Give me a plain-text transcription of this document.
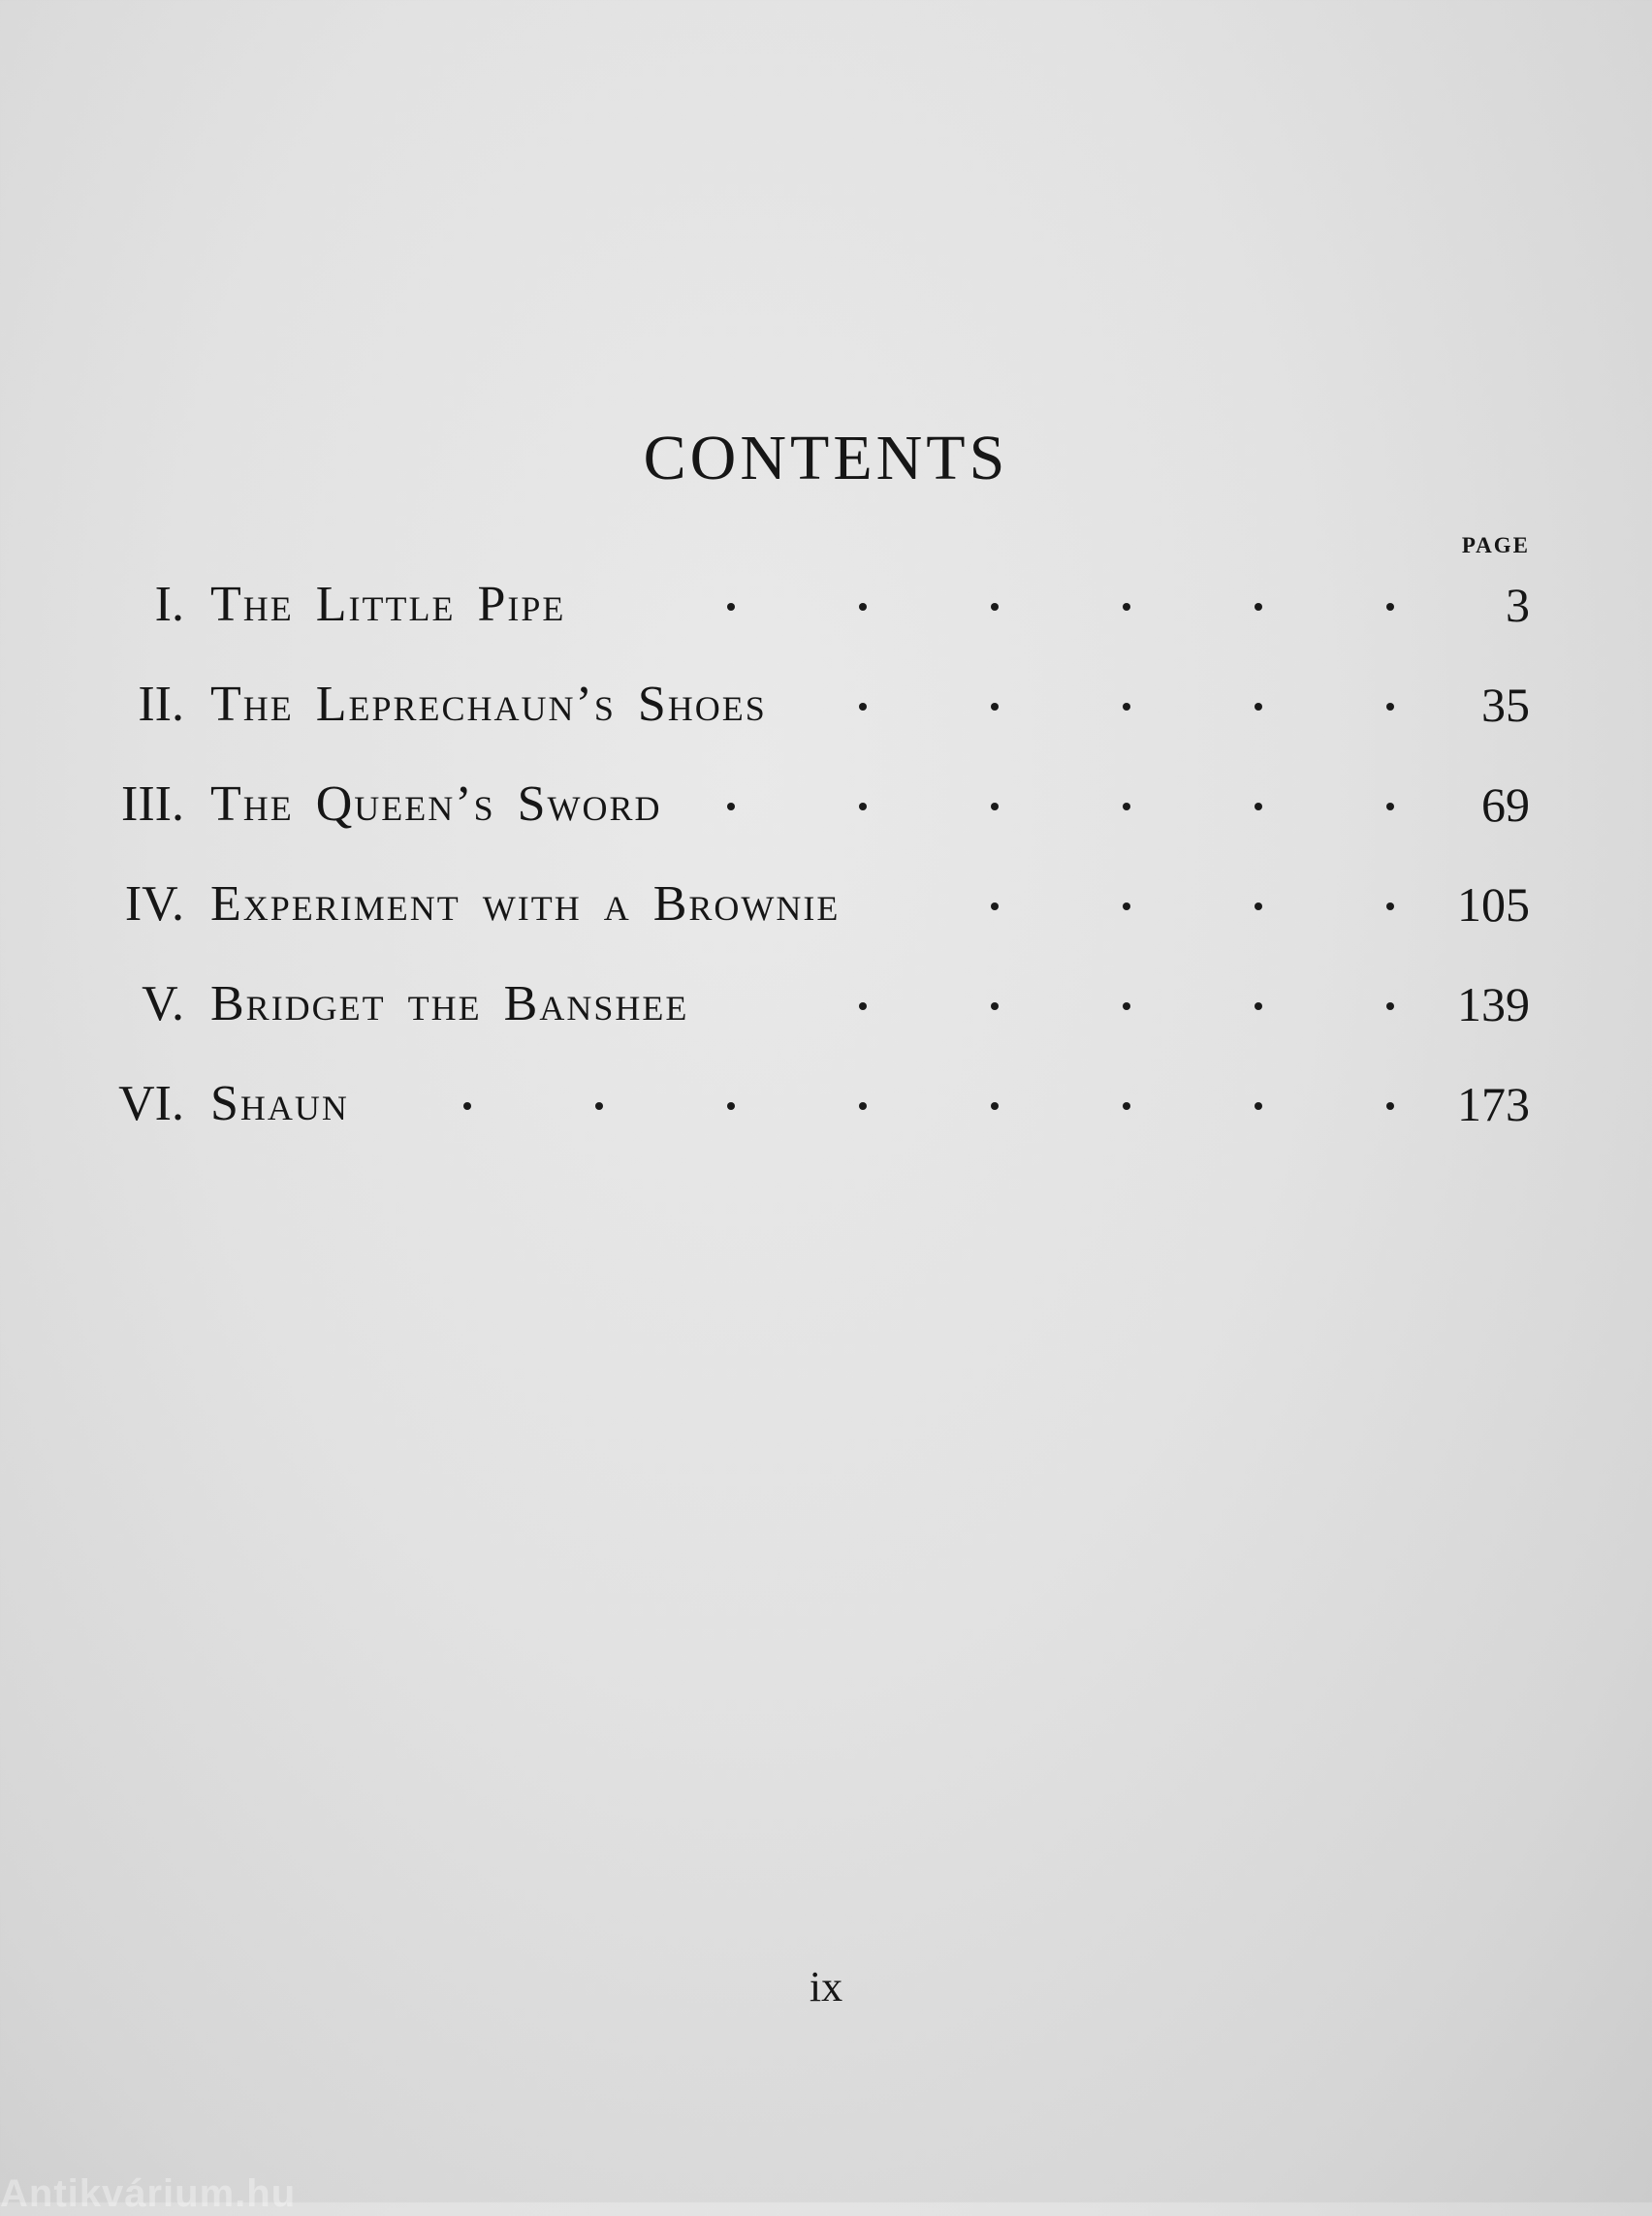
CONTENTS
PAGE
I. The Little Pipe	3
II. The Leprechaun’s Shoes	35
III. The Queen’s Sword	69
IV. Experiment with a Brownie	105
V. Bridget the Banshee	139
VI. Shaun	173
ix
Antikvárium.hu
